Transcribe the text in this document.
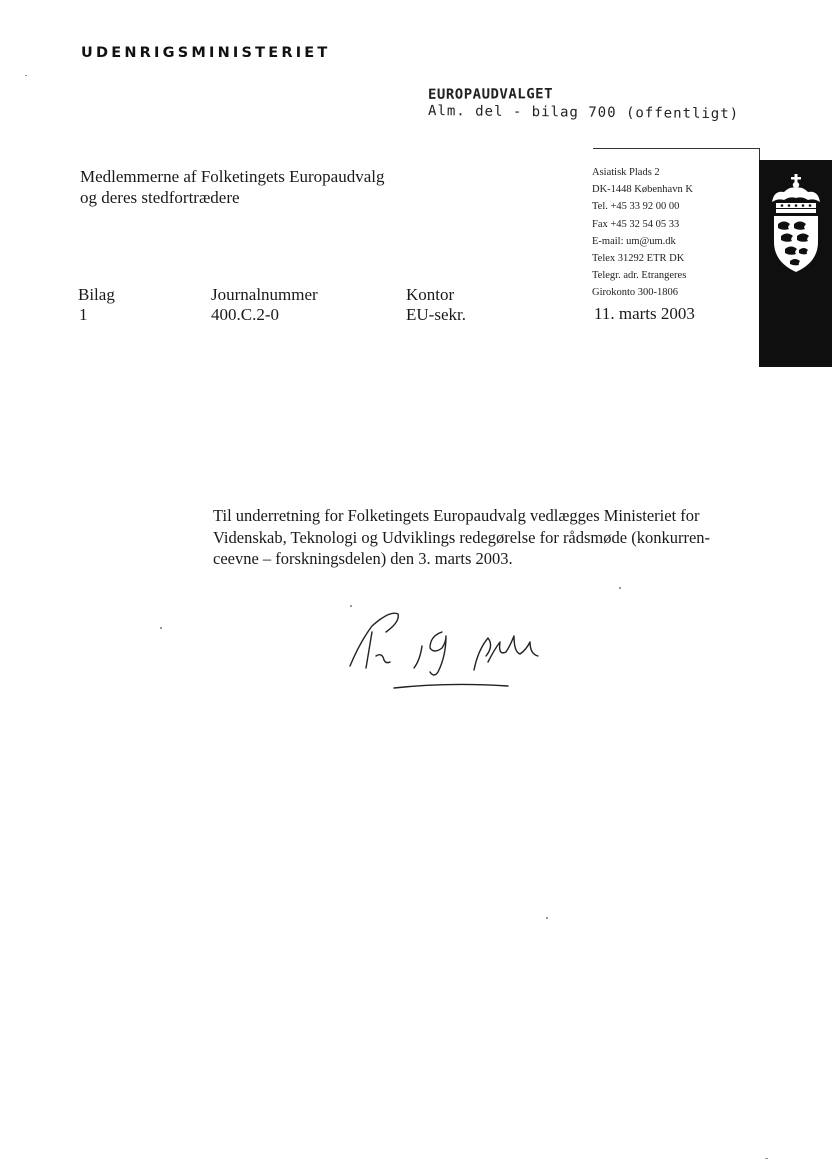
UDENRIGSMINISTERIET
EUROPAUDVALGET
Alm. del - bilag 700 (offentligt)
Medlemmerne af Folketingets Europaudvalg
og deres stedfortrædere
Asiatisk Plads 2
DK-1448 København K
Tel. +45 33 92 00 00
Fax +45 32 54 05 33
E-mail: um@um.dk
Telex 31292 ETR DK
Telegr. adr. Etrangeres
Girokonto 300-1806
Bilag
1
Journalnummer
400.C.2-0
Kontor
EU-sekr.	11. marts 2003
Til underretning for Folketingets Europaudvalg vedlægges Ministeriet for
Videnskab, Teknologi og Udviklings redegørelse for rådsmøde (konkurren-
ceevne – forskningsdelen) den 3. marts 2003.
